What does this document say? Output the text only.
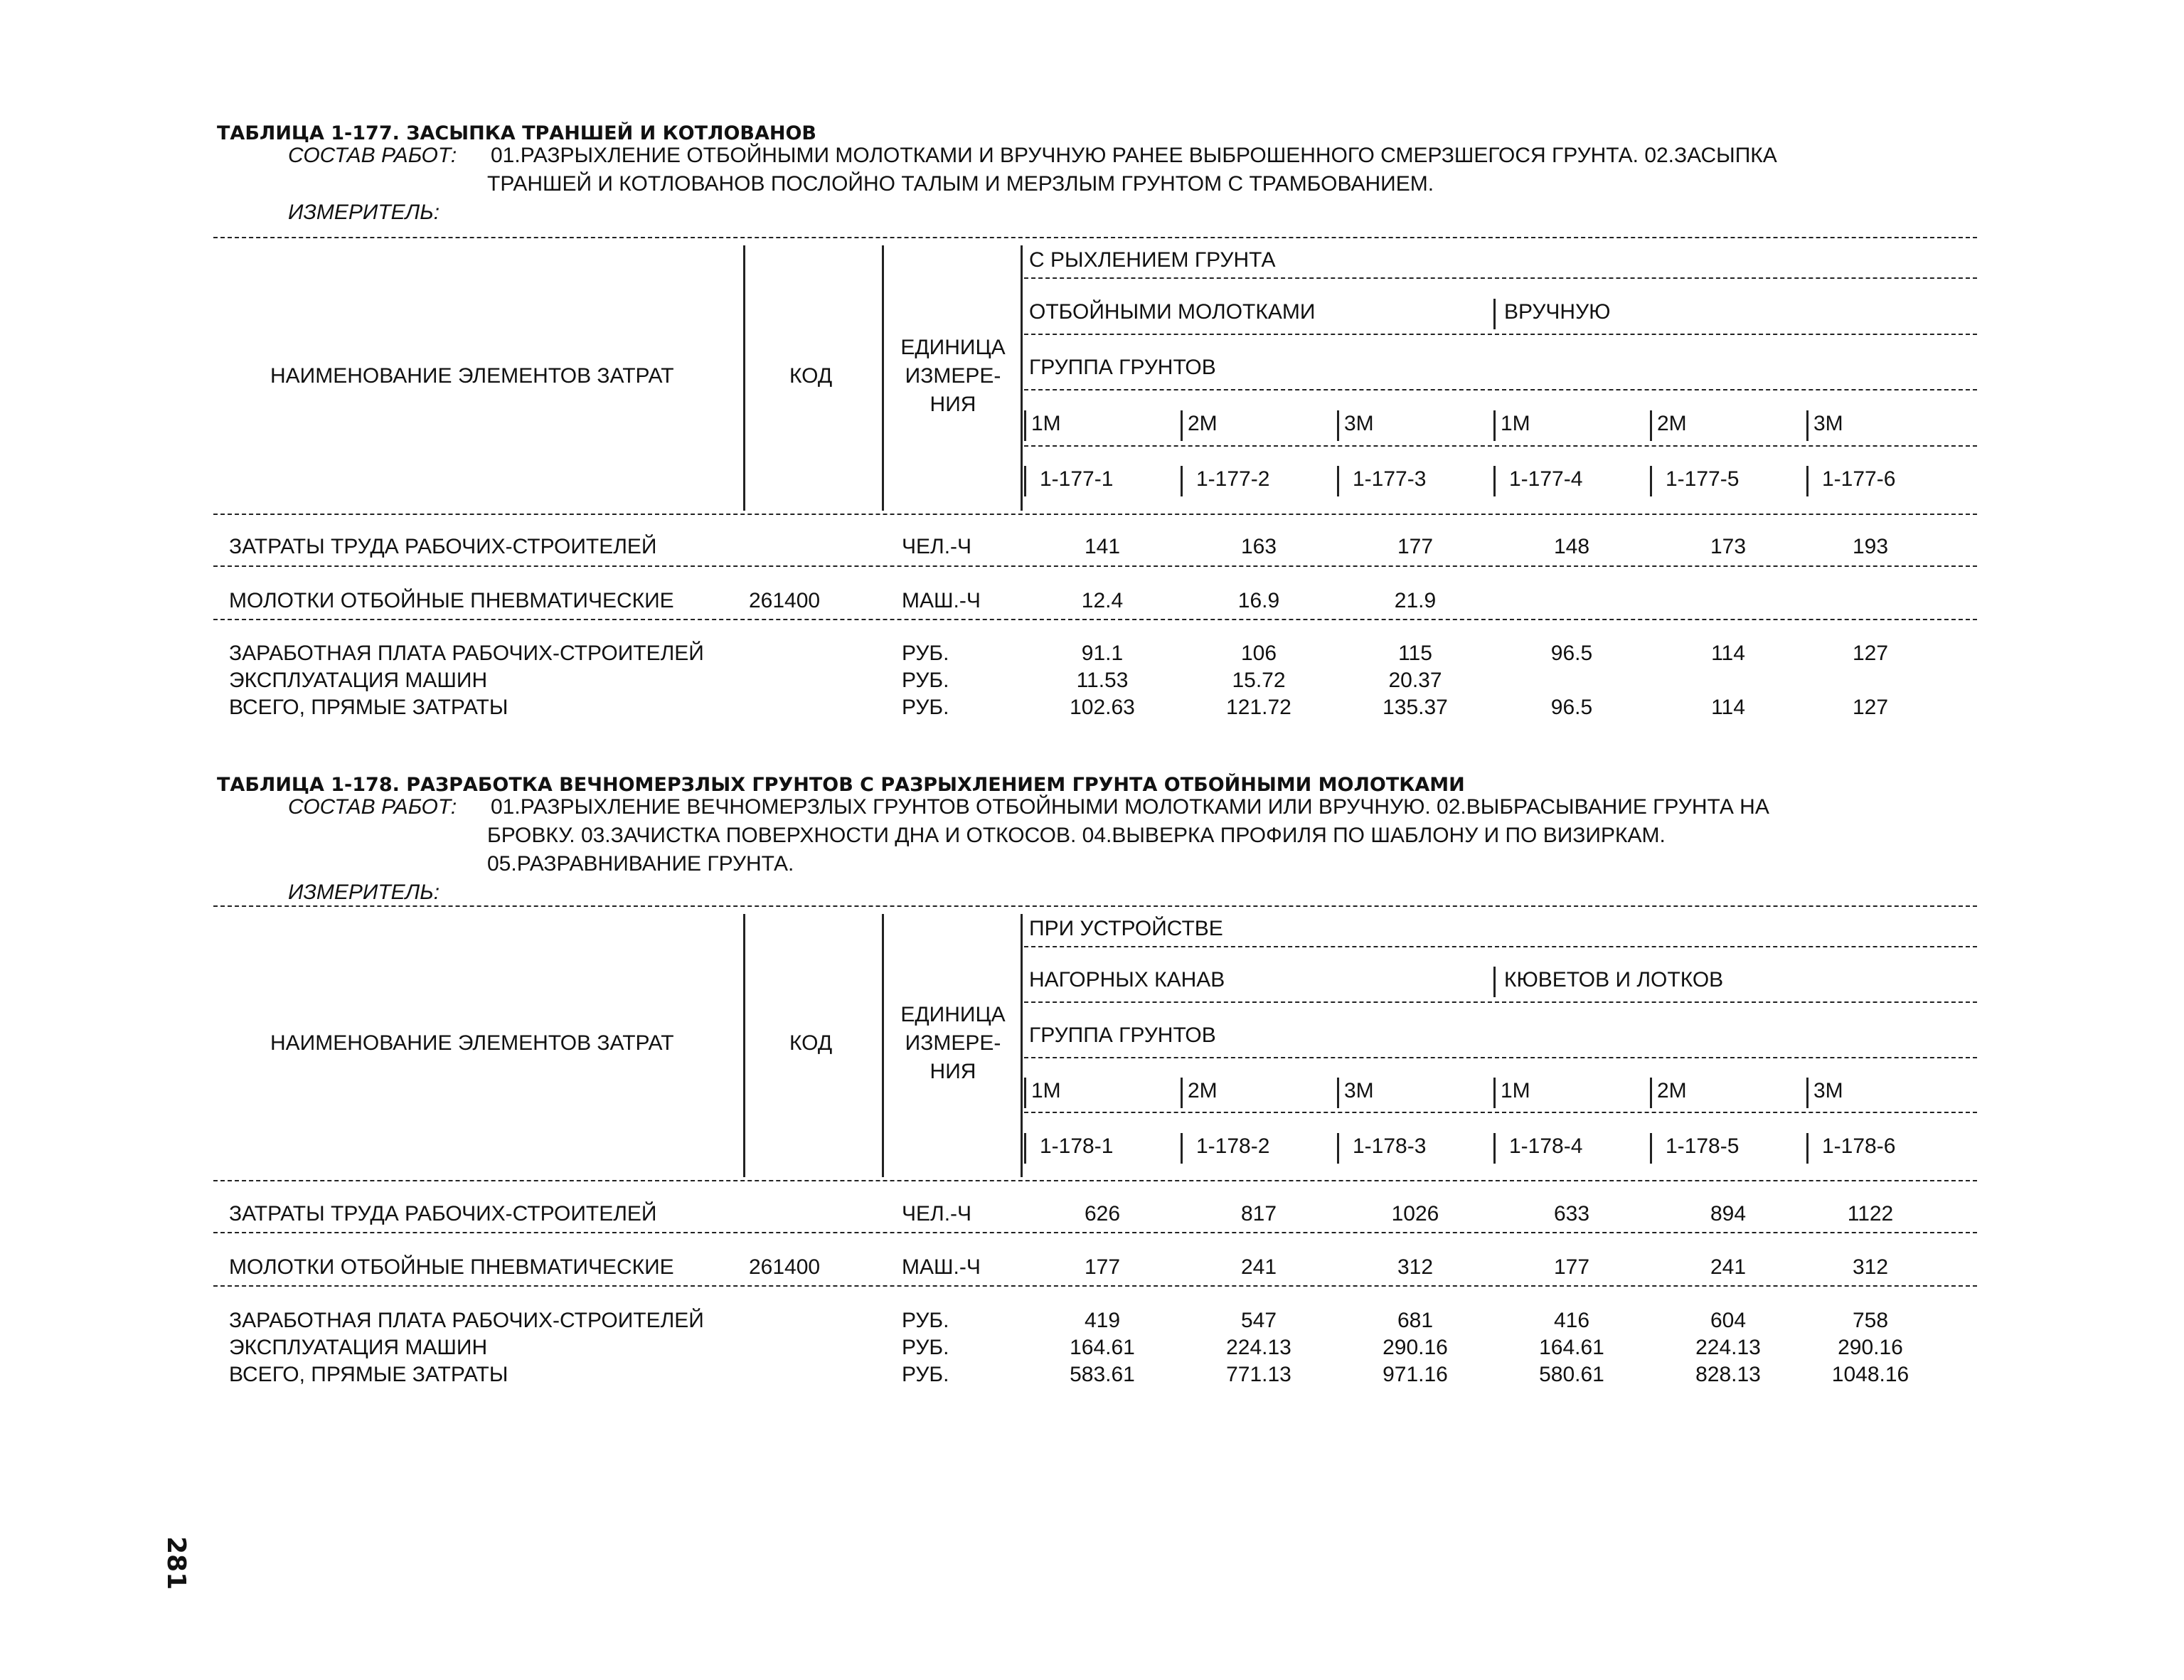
ТАБЛИЦА 1-177. ЗАСЫПКА ТРАНШЕЙ И КОТЛОВАНОВ
СОСТАВ РАБОТ: 01.РАЗРЫХЛЕНИЕ ОТБОЙНЫМИ МОЛОТКАМИ И ВРУЧНУЮ РАНЕЕ ВЫБРОШЕННОГО СМЕРЗШЕГОСЯ ГРУНТА. 02.ЗАСЫПКА
ТРАНШЕЙ И КОТЛОВАНОВ ПОСЛОЙНО ТАЛЫМ И МЕРЗЛЫМ ГРУНТОМ С ТРАМБОВАНИЕМ.
ИЗМЕРИТЕЛЬ:
С РЫХЛЕНИЕМ ГРУНТА
ОТБОЙНЫМИ МОЛОТКАМИ	ВРУЧНУЮ
ГРУППА ГРУНТОВ
1М	2М	3М	1М	2М	3М
1-177-1	1-177-2	1-177-3	1-177-4	1-177-5	1-177-6
НАИМЕНОВАНИЕ ЭЛЕМЕНТОВ ЗАТРАТ	КОД
ЕДИНИЦА
ИЗМЕРЕ-
НИЯ
ЗАТРАТЫ ТРУДА РАБОЧИХ-СТРОИТЕЛЕЙ	ЧЕЛ.-Ч	141	163	177	148	173	193
МОЛОТКИ ОТБОЙНЫЕ ПНЕВМАТИЧЕСКИЕ	261400	МАШ.-Ч	12.4	16.9	21.9
ЗАРАБОТНАЯ ПЛАТА РАБОЧИХ-СТРОИТЕЛЕЙ	РУБ.	91.1	106	115	96.5	114	127
ЭКСПЛУАТАЦИЯ МАШИН	РУБ.	11.53	15.72	20.37
ВСЕГО, ПРЯМЫЕ ЗАТРАТЫ	РУБ.	102.63	121.72	135.37	96.5	114	127
ТАБЛИЦА 1-178. РАЗРАБОТКА ВЕЧНОМЕРЗЛЫХ ГРУНТОВ С РАЗРЫХЛЕНИЕМ ГРУНТА ОТБОЙНЫМИ МОЛОТКАМИ
СОСТАВ РАБОТ: 01.РАЗРЫХЛЕНИЕ ВЕЧНОМЕРЗЛЫХ ГРУНТОВ ОТБОЙНЫМИ МОЛОТКАМИ ИЛИ ВРУЧНУЮ. 02.ВЫБРАСЫВАНИЕ ГРУНТА НА
БРОВКУ. 03.ЗАЧИСТКА ПОВЕРХНОСТИ ДНА И ОТКОСОВ. 04.ВЫВЕРКА ПРОФИЛЯ ПО ШАБЛОНУ И ПО ВИЗИРКАМ.
05.РАЗРАВНИВАНИЕ ГРУНТА.
ИЗМЕРИТЕЛЬ:
ПРИ УСТРОЙСТВЕ
НАГОРНЫХ КАНАВ	КЮВЕТОВ И ЛОТКОВ
ГРУППА ГРУНТОВ
1М	2М	3М	1М	2М	3М
1-178-1	1-178-2	1-178-3	1-178-4	1-178-5	1-178-6
НАИМЕНОВАНИЕ ЭЛЕМЕНТОВ ЗАТРАТ	КОД
ЕДИНИЦА
ИЗМЕРЕ-
НИЯ
ЗАТРАТЫ ТРУДА РАБОЧИХ-СТРОИТЕЛЕЙ	ЧЕЛ.-Ч	626	817	1026	633	894	1122
МОЛОТКИ ОТБОЙНЫЕ ПНЕВМАТИЧЕСКИЕ	261400	МАШ.-Ч	177	241	312	177	241	312
ЗАРАБОТНАЯ ПЛАТА РАБОЧИХ-СТРОИТЕЛЕЙ	РУБ.	419	547	681	416	604	758
ЭКСПЛУАТАЦИЯ МАШИН	РУБ.	164.61	224.13	290.16	164.61	224.13	290.16
ВСЕГО, ПРЯМЫЕ ЗАТРАТЫ	РУБ.	583.61	771.13	971.16	580.61	828.13	1048.16
281
